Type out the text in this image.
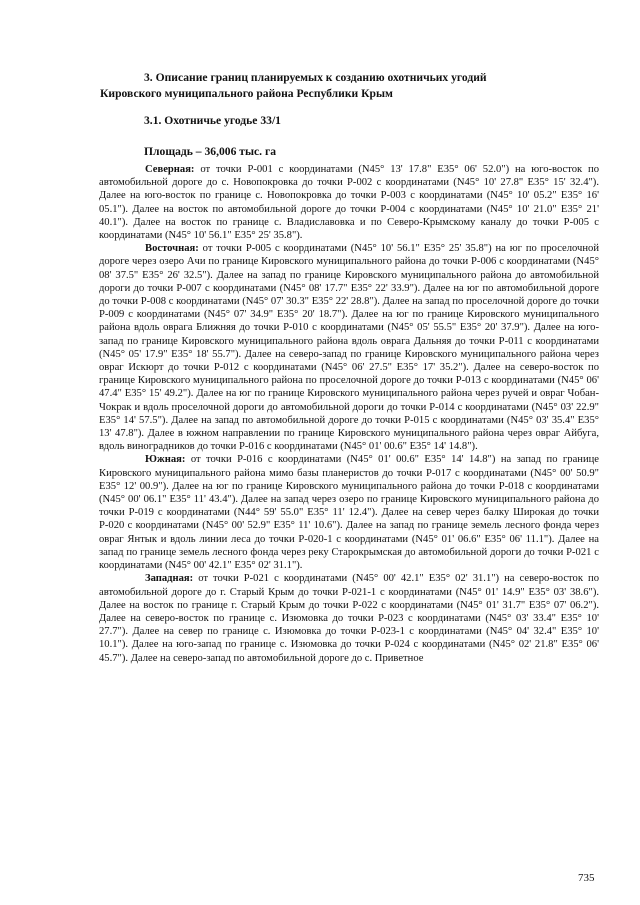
3. Описание границ планируемых к созданию охотничьих угодий
Кировского муниципального района Республики Крым
3.1. Охотничье угодье 33/1
Площадь – 36,006 тыс. га

Северная: от точки Р-001 с координатами (N45° 13' 17.8" E35° 06' 52.0") на юго-восток по автомобильной дороге до с. Новопокровка до точки Р-002 с координатами (N45° 10' 27.8" E35° 15' 32.4"). Далее на юго-восток по границе с. Новопокровка до точки Р-003 с координатами (N45° 10' 05.2" E35° 16' 05.1"). Далее на восток по автомобильной дороге до точки Р-004 с координатами (N45° 10' 21.0" E35° 21' 40.1"). Далее на восток по границе с. Владиславовка и по Северо-Крымскому каналу до точки Р-005 с координатами (N45° 10' 56.1" E35° 25' 35.8").

Восточная: от точки Р-005 с координатами (N45° 10' 56.1" E35° 25' 35.8") на юг по проселочной дороге через озеро Ачи по границе Кировского муниципального района до точки Р-006 с координатами (N45° 08' 37.5" E35° 26' 32.5"). Далее на запад по границе Кировского муниципального района до автомобильной дороги до точки Р-007 с координатами (N45° 08' 17.7" E35° 22' 33.9"). Далее на юг по автомобильной дороге до точки Р-008 с координатами (N45° 07' 30.3" E35° 22' 28.8"). Далее на запад по проселочной дороге до точки Р-009 с координатами (N45° 07' 34.9" E35° 20' 18.7"). Далее на юг по границе Кировского муниципального района вдоль оврага Ближняя до точки Р-010 с координатами (N45° 05' 55.5" E35° 20' 37.9"). Далее на юго-запад по границе Кировского муниципального района вдоль оврага Дальняя до точки Р-011 с координатами (N45° 05' 17.9" E35° 18' 55.7"). Далее на северо-запад по границе Кировского муниципального района через овраг Искюрт до точки Р-012 с координатами (N45° 06' 27.5" E35° 17' 35.2"). Далее на северо-восток по границе Кировского муниципального района по проселочной дороге до точки Р-013 с координатами (N45° 06' 47.4" E35° 15' 49.2"). Далее на юг по границе Кировского муниципального района через ручей и овраг Чобан-Чокрак и вдоль проселочной дороги до автомобильной дороги до точки Р-014 с координатами (N45° 03' 22.9" E35° 14' 57.5"). Далее на запад по автомобильной дороге до точки Р-015 с координатами (N45° 03' 35.4" E35° 13' 47.8"). Далее в южном направлении по границе Кировского муниципального района через овраг Айбуга, вдоль виноградников до точки Р-016 с координатами (N45° 01' 00.6" E35° 14' 14.8").

Южная: от точки Р-016 с координатами (N45° 01' 00.6" E35° 14' 14.8") на запад по границе Кировского муниципального района мимо базы планеристов до точки Р-017 с координатами (N45° 00' 50.9" E35° 12' 00.9"). Далее на юг по границе Кировского муниципального района до точки Р-018 с координатами (N45° 00' 06.1" E35° 11' 43.4"). Далее на запад через озеро по границе Кировского муниципального района до точки Р-019 с координатами (N44° 59' 55.0" E35° 11' 12.4"). Далее на север через балку Широкая до точки Р-020 с координатами (N45° 00' 52.9" E35° 11' 10.6"). Далее на запад по границе земель лесного фонда через овраг Янтык и вдоль линии леса до точки Р-020-1 с координатами (N45° 01' 06.6" E35° 06' 11.1"). Далее на запад по границе земель лесного фонда через реку Старокрымская до автомобильной дороги до точки Р-021 с координатами (N45° 00' 42.1" E35° 02' 31.1").

Западная: от точки Р-021 с координатами (N45° 00' 42.1" E35° 02' 31.1") на северо-восток по автомобильной дороге до г. Старый Крым до точки Р-021-1 с координатами (N45° 01' 14.9" E35° 03' 38.6"). Далее на восток по границе г. Старый Крым до точки Р-022 с координатами (N45° 01' 31.7" E35° 07' 06.2"). Далее на северо-восток по границе с. Изюмовка до точки Р-023 с координатами (N45° 03' 33.4" E35° 10' 27.7"). Далее на север по границе с. Изюмовка до точки Р-023-1 с координатами (N45° 04' 32.4" E35° 10' 10.1"). Далее на юго-запад по границе с. Изюмовка до точки Р-024 с координатами (N45° 02' 21.8" E35° 06' 45.7"). Далее на северо-запад по автомобильной дороге до с. Приветное

735
